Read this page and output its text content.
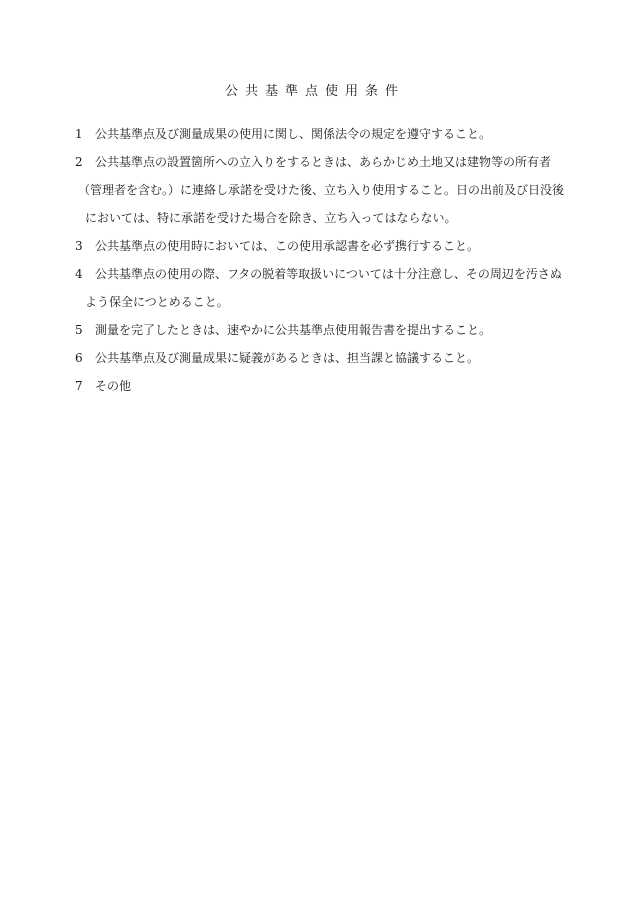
公共基準点使用条件
1 公共基準点及び測量成果の使用に関し、関係法令の規定を遵守すること。
2 公共基準点の設置箇所への立入りをするときは、あらかじめ土地又は建物等の所有者
（管理者を含む。）に連絡し承諾を受けた後、立ち入り使用すること。日の出前及び日没後
においては、特に承諾を受けた場合を除き、立ち入ってはならない。
3 公共基準点の使用時においては、この使用承認書を必ず携行すること。
4 公共基準点の使用の際、フタの脱着等取扱いについては十分注意し、その周辺を汚さぬ
よう保全につとめること。
5 測量を完了したときは、速やかに公共基準点使用報告書を提出すること。
6 公共基準点及び測量成果に疑義があるときは、担当課と協議すること。
7 その他
